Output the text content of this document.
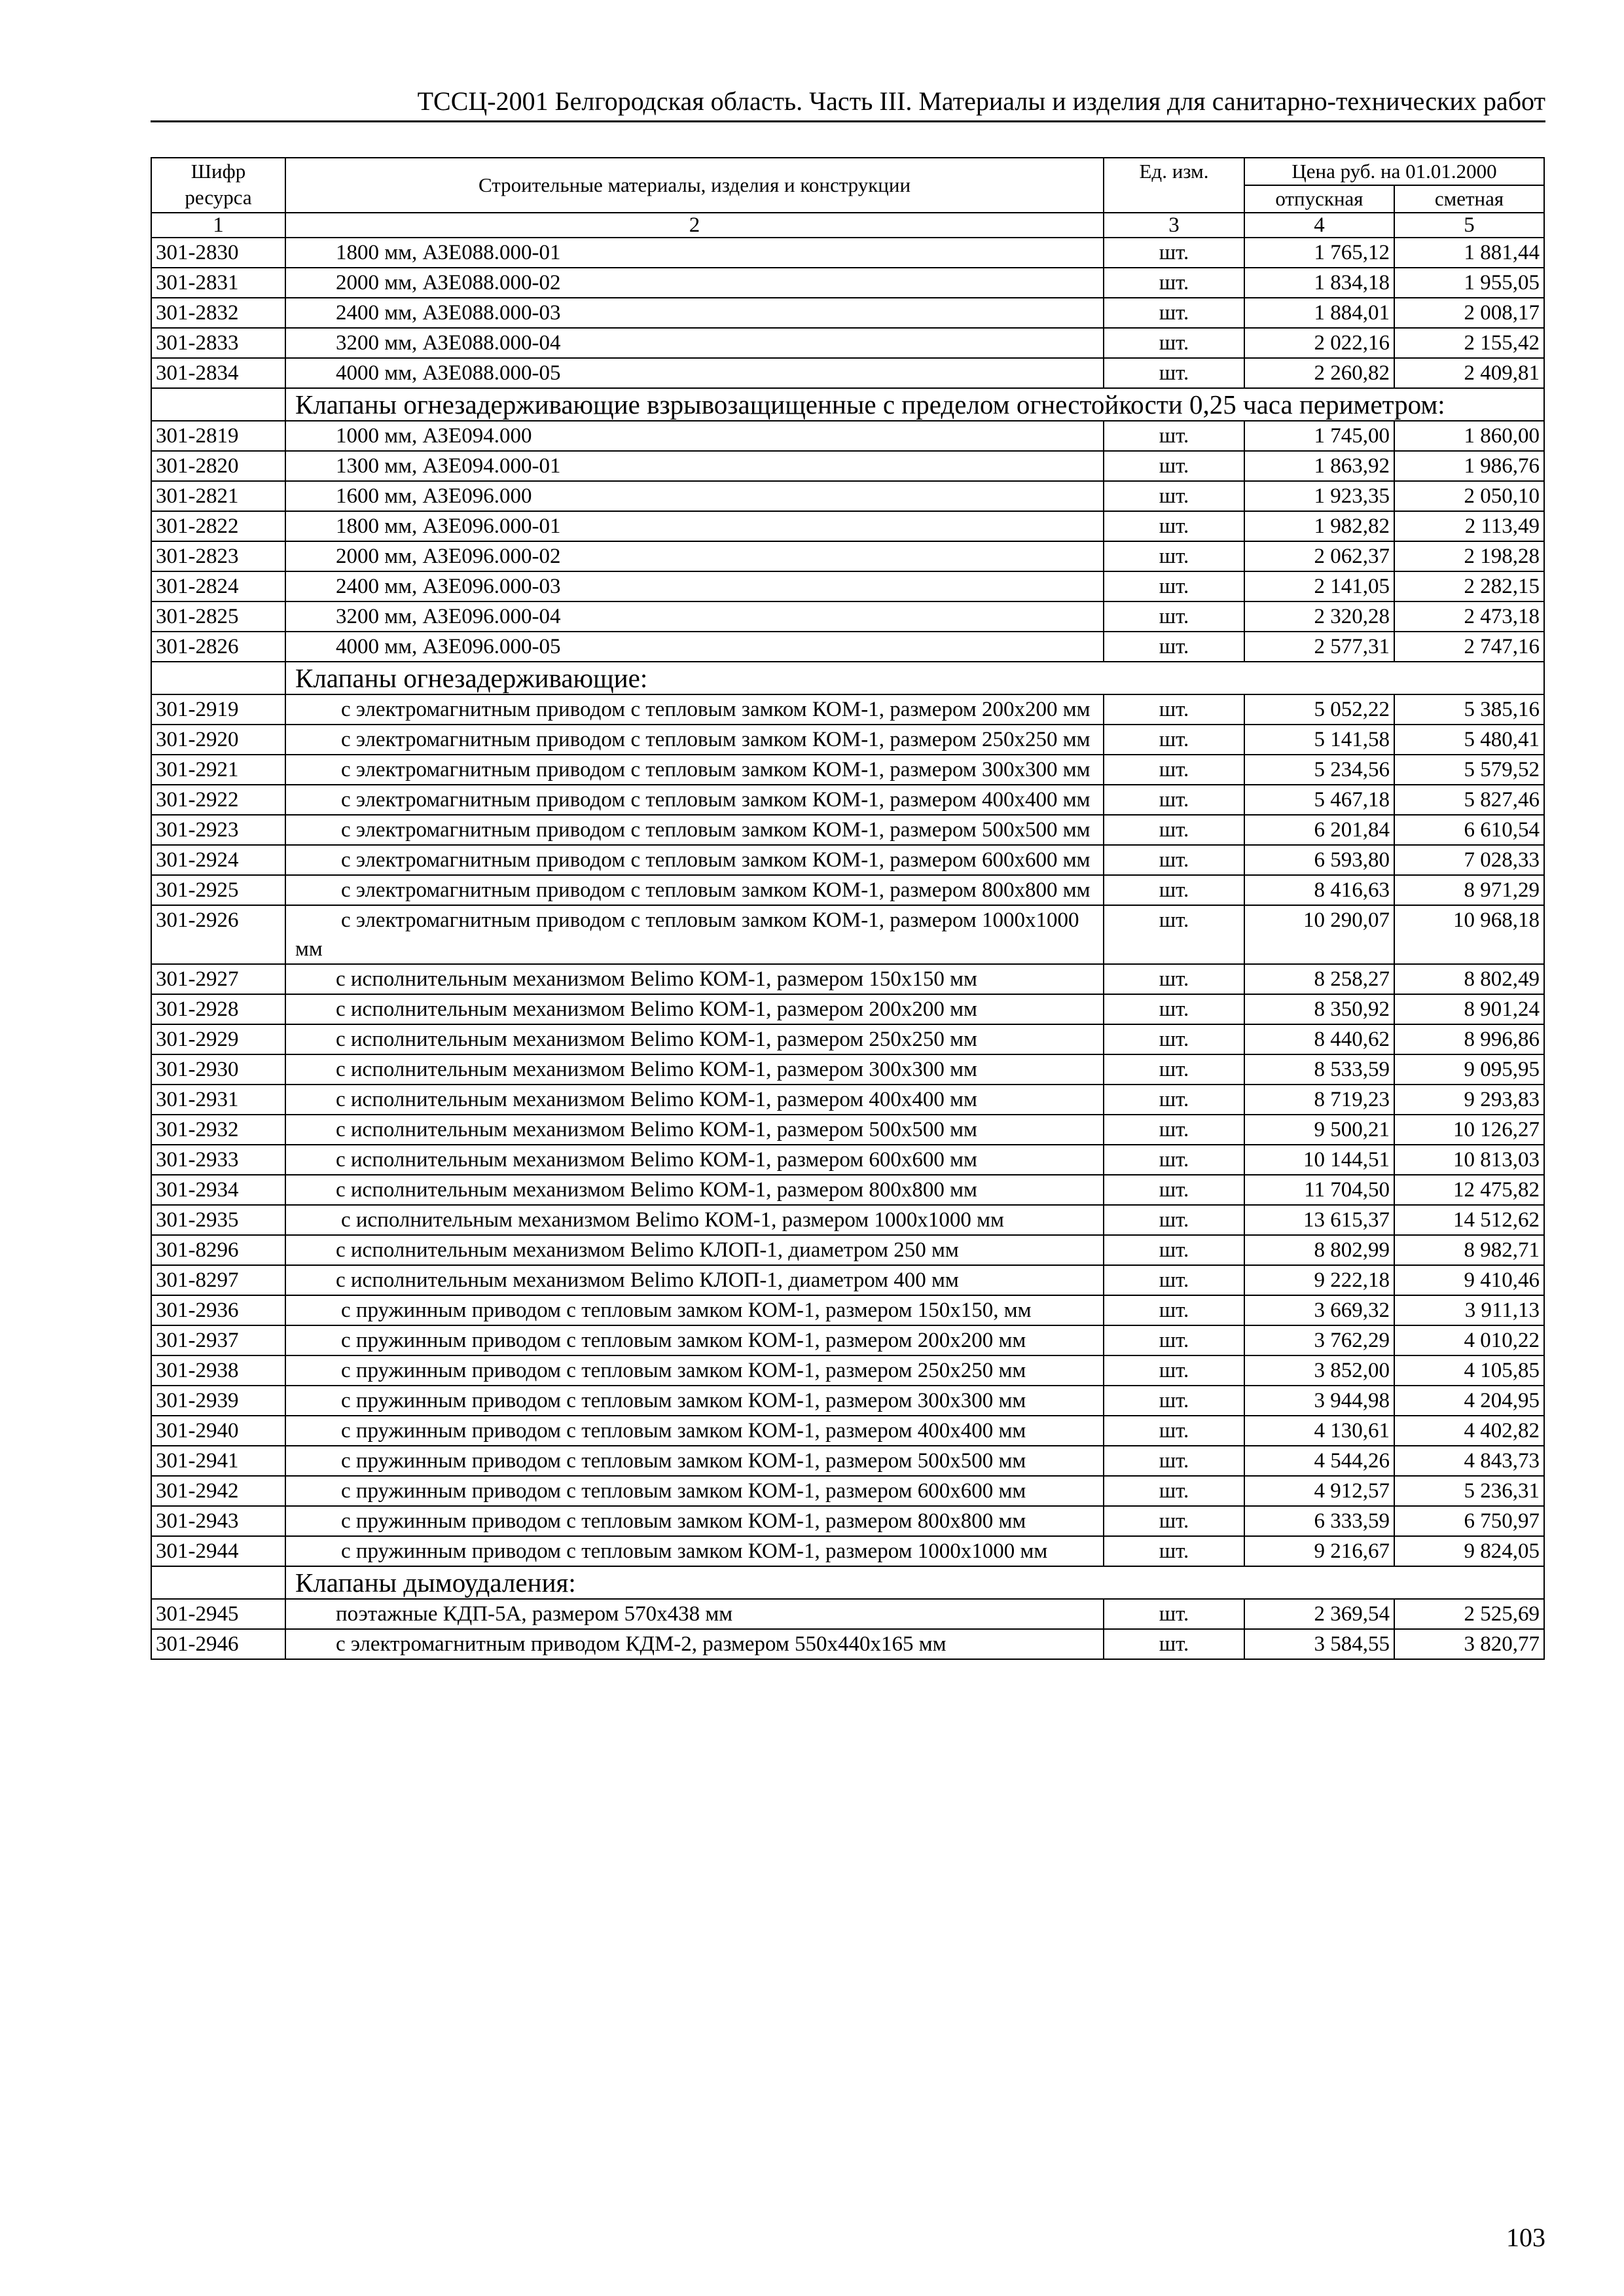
ТССЦ-2001 Белгородская область. Часть III. Материалы и изделия для санитарно-технических работ
Шифр ресурса	Строительные материалы, изделия и конструкции	Ед. изм.	Цена руб. на 01.01.2000	
			отпускная	сметная
1	2	3	4	5
301-2830	1800 мм, АЗЕ088.000-01	шт.	1 765,12	1 881,44
301-2831	2000 мм, АЗЕ088.000-02	шт.	1 834,18	1 955,05
301-2832	2400 мм, АЗЕ088.000-03	шт.	1 884,01	2 008,17
301-2833	3200 мм, АЗЕ088.000-04	шт.	2 022,16	2 155,42
301-2834	4000 мм, АЗЕ088.000-05	шт.	2 260,82	2 409,81
	Клапаны огнезадерживающие взрывозащищенные с пределом огнестойкости 0,25 часа периметром:			
301-2819	1000 мм, АЗЕ094.000	шт.	1 745,00	1 860,00
301-2820	1300 мм, АЗЕ094.000-01	шт.	1 863,92	1 986,76
301-2821	1600 мм, АЗЕ096.000	шт.	1 923,35	2 050,10
301-2822	1800 мм, АЗЕ096.000-01	шт.	1 982,82	2 113,49
301-2823	2000 мм, АЗЕ096.000-02	шт.	2 062,37	2 198,28
301-2824	2400 мм, АЗЕ096.000-03	шт.	2 141,05	2 282,15
301-2825	3200 мм, АЗЕ096.000-04	шт.	2 320,28	2 473,18
301-2826	4000 мм, АЗЕ096.000-05	шт.	2 577,31	2 747,16
	Клапаны огнезадерживающие:			
301-2919	с электромагнитным приводом с тепловым замком КОМ-1, размером 200x200 мм	шт.	5 052,22	5 385,16
301-2920	с электромагнитным приводом с тепловым замком КОМ-1, размером 250x250 мм	шт.	5 141,58	5 480,41
301-2921	с электромагнитным приводом с тепловым замком КОМ-1, размером 300x300 мм	шт.	5 234,56	5 579,52
301-2922	с электромагнитным приводом с тепловым замком КОМ-1, размером 400x400 мм	шт.	5 467,18	5 827,46
301-2923	с электромагнитным приводом с тепловым замком КОМ-1, размером 500x500 мм	шт.	6 201,84	6 610,54
301-2924	с электромагнитным приводом с тепловым замком КОМ-1, размером 600x600 мм	шт.	6 593,80	7 028,33
301-2925	с электромагнитным приводом с тепловым замком КОМ-1, размером 800x800 мм	шт.	8 416,63	8 971,29
301-2926	с электромагнитным приводом с тепловым замком КОМ-1, размером 1000x1000 мм	шт.	10 290,07	10 968,18
301-2927	с исполнительным механизмом Belimo КОМ-1, размером 150x150 мм	шт.	8 258,27	8 802,49
301-2928	с исполнительным механизмом Belimo КОМ-1, размером 200x200 мм	шт.	8 350,92	8 901,24
301-2929	с исполнительным механизмом Belimo КОМ-1, размером 250x250 мм	шт.	8 440,62	8 996,86
301-2930	с исполнительным механизмом Belimo КОМ-1, размером 300x300 мм	шт.	8 533,59	9 095,95
301-2931	с исполнительным механизмом Belimo КОМ-1, размером 400x400 мм	шт.	8 719,23	9 293,83
301-2932	с исполнительным механизмом Belimo КОМ-1, размером 500x500 мм	шт.	9 500,21	10 126,27
301-2933	с исполнительным механизмом Belimo КОМ-1, размером 600x600 мм	шт.	10 144,51	10 813,03
301-2934	с исполнительным механизмом Belimo КОМ-1, размером 800x800 мм	шт.	11 704,50	12 475,82
301-2935	с исполнительным механизмом Belimo КОМ-1, размером 1000x1000 мм	шт.	13 615,37	14 512,62
301-8296	с исполнительным механизмом Belimo КЛОП-1, диаметром 250 мм	шт.	8 802,99	8 982,71
301-8297	с исполнительным механизмом Belimo КЛОП-1, диаметром 400 мм	шт.	9 222,18	9 410,46
301-2936	с пружинным приводом с тепловым замком КОМ-1, размером 150x150, мм	шт.	3 669,32	3 911,13
301-2937	с пружинным приводом с тепловым замком КОМ-1, размером 200x200 мм	шт.	3 762,29	4 010,22
301-2938	с пружинным приводом с тепловым замком КОМ-1, размером 250x250 мм	шт.	3 852,00	4 105,85
301-2939	с пружинным приводом с тепловым замком КОМ-1, размером 300x300 мм	шт.	3 944,98	4 204,95
301-2940	с пружинным приводом с тепловым замком КОМ-1, размером 400x400 мм	шт.	4 130,61	4 402,82
301-2941	с пружинным приводом с тепловым замком КОМ-1, размером 500x500 мм	шт.	4 544,26	4 843,73
301-2942	с пружинным приводом с тепловым замком КОМ-1, размером 600x600 мм	шт.	4 912,57	5 236,31
301-2943	с пружинным приводом с тепловым замком КОМ-1, размером 800x800 мм	шт.	6 333,59	6 750,97
301-2944	с пружинным приводом с тепловым замком КОМ-1, размером 1000x1000 мм	шт.	9 216,67	9 824,05
	Клапаны дымоудаления:			
301-2945	поэтажные КДП-5А, размером 570x438 мм	шт.	2 369,54	2 525,69
301-2946	с электромагнитным приводом КДМ-2, размером 550x440x165 мм	шт.	3 584,55	3 820,77
103
